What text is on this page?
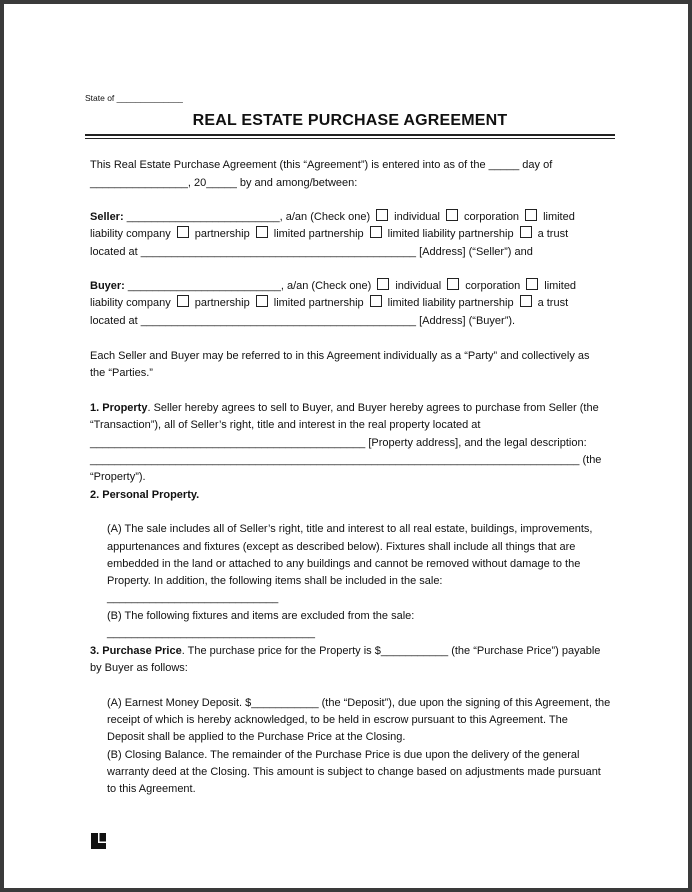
State of ______________
REAL ESTATE PURCHASE AGREEMENT
This Real Estate Purchase Agreement (this “Agreement”) is entered into as of the _____ day of
________________, 20_____ by and among/between:
Seller: _________________________, a/an (Check one) individual corporation limited
liability company partnership limited partnership limited liability partnership a trust
located at _____________________________________________ [Address] (“Seller”) and
Buyer: _________________________, a/an (Check one) individual corporation limited
liability company partnership limited partnership limited liability partnership a trust
located at _____________________________________________ [Address] (“Buyer”).
Each Seller and Buyer may be referred to in this Agreement individually as a “Party” and collectively as
the “Parties.”
1. Property. Seller hereby agrees to sell to Buyer, and Buyer hereby agrees to purchase from Seller (the
“Transaction”), all of Seller’s right, title and interest in the real property located at
_____________________________________________ [Property address], and the legal description:
________________________________________________________________________________ (the “Property”).
2. Personal Property.
(A) The sale includes all of Seller’s right, title and interest to all real estate, buildings, improvements,
appurtenances and fixtures (except as described below). Fixtures shall include all things that are
embedded in the land or attached to any buildings and cannot be removed without damage to the
Property. In addition, the following items shall be included in the sale: ____________________________
(B) The following fixtures and items are excluded from the sale: __________________________________
3. Purchase Price. The purchase price for the Property is $___________ (the “Purchase Price”) payable
by Buyer as follows:
(A) Earnest Money Deposit. $___________ (the “Deposit”), due upon the signing of this Agreement, the
receipt of which is hereby acknowledged, to be held in escrow pursuant to this Agreement. The
Deposit shall be applied to the Purchase Price at the Closing.
(B) Closing Balance. The remainder of the Purchase Price is due upon the delivery of the general
warranty deed at the Closing. This amount is subject to change based on adjustments made pursuant
to this Agreement.
